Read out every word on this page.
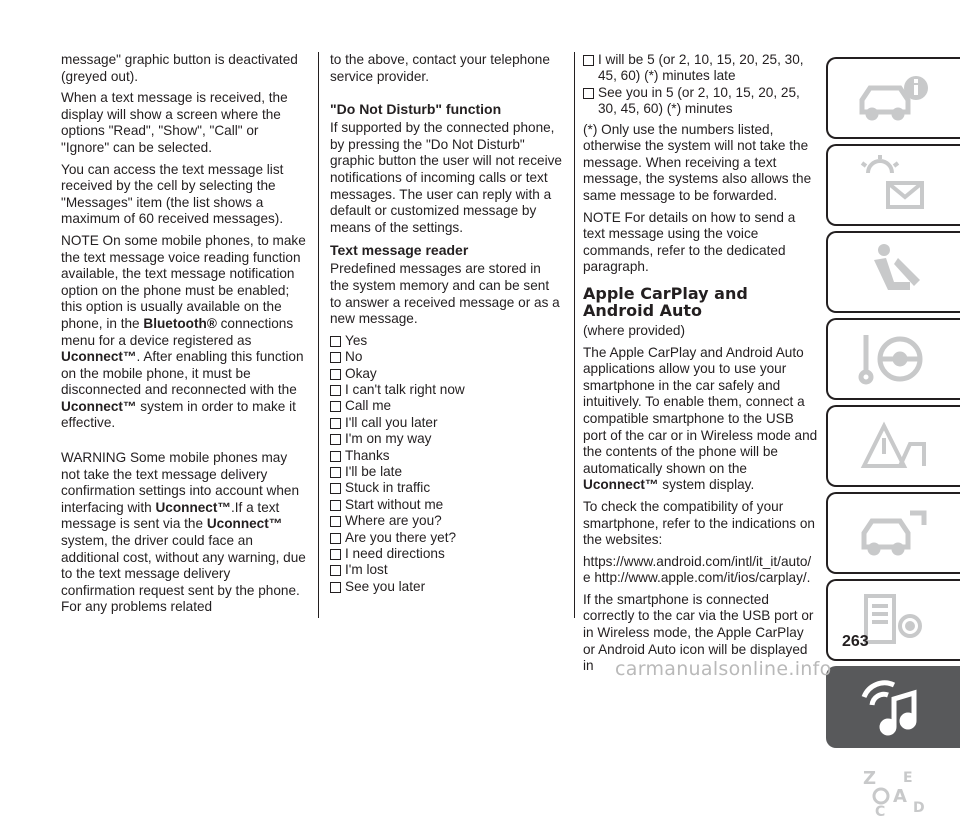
message" graphic button is deactivated (greyed out).

When a text message is received, the display will show a screen where the options "Read", "Show", "Call" or "Ignore" can be selected.

You can access the text message list received by the cell by selecting the "Messages" item (the list shows a maximum of 60 received messages).

NOTE On some mobile phones, to make the text message voice reading function available, the text message notification option on the phone must be enabled; this option is usually available on the phone, in the Bluetooth® connections menu for a device registered as Uconnect™. After enabling this function on the mobile phone, it must be disconnected and reconnected with the Uconnect™ system in order to make it effective.

WARNING Some mobile phones may not take the text message delivery confirmation settings into account when interfacing with Uconnect™.If a text message is sent via the Uconnect™ system, the driver could face an additional cost, without any warning, due to the text message delivery confirmation request sent by the phone. For any problems related

to the above, contact your telephone service provider.

"Do Not Disturb" function

If supported by the connected phone, by pressing the "Do Not Disturb" graphic button the user will not receive notifications of incoming calls or text messages. The user can reply with a default or customized message by means of the settings.

Text message reader

Predefined messages are stored in the system memory and can be sent to answer a received message or as a new message.

Yes
No
Okay
I can't talk right now
Call me
I'll call you later
I'm on my way
Thanks
I'll be late
Stuck in traffic
Start without me
Where are you?
Are you there yet?
I need directions
I'm lost
See you later
I will be 5 (or 2, 10, 15, 20, 25, 30, 45, 60) (*) minutes late
See you in 5 (or 2, 10, 15, 20, 25, 30, 45, 60) (*) minutes

(*) Only use the numbers listed, otherwise the system will not take the message. When receiving a text message, the systems also allows the same message to be forwarded.

NOTE For details on how to send a text message using the voice commands, refer to the dedicated paragraph.

Apple CarPlay and Android Auto

(where provided)

The Apple CarPlay and Android Auto applications allow you to use your smartphone in the car safely and intuitively. To enable them, connect a compatible smartphone to the USB port of the car or in Wireless mode and the contents of the phone will be automatically shown on the Uconnect™ system display.

To check the compatibility of your smartphone, refer to the indications on the websites:

https://www.android.com/intl/it_it/auto/ e http://www.apple.com/it/ios/carplay/.

If the smartphone is connected correctly to the car via the USB port or in Wireless mode, the Apple CarPlay or Android Auto icon will be displayed in

Z E
A
C D
263
carmanualsonline.info
